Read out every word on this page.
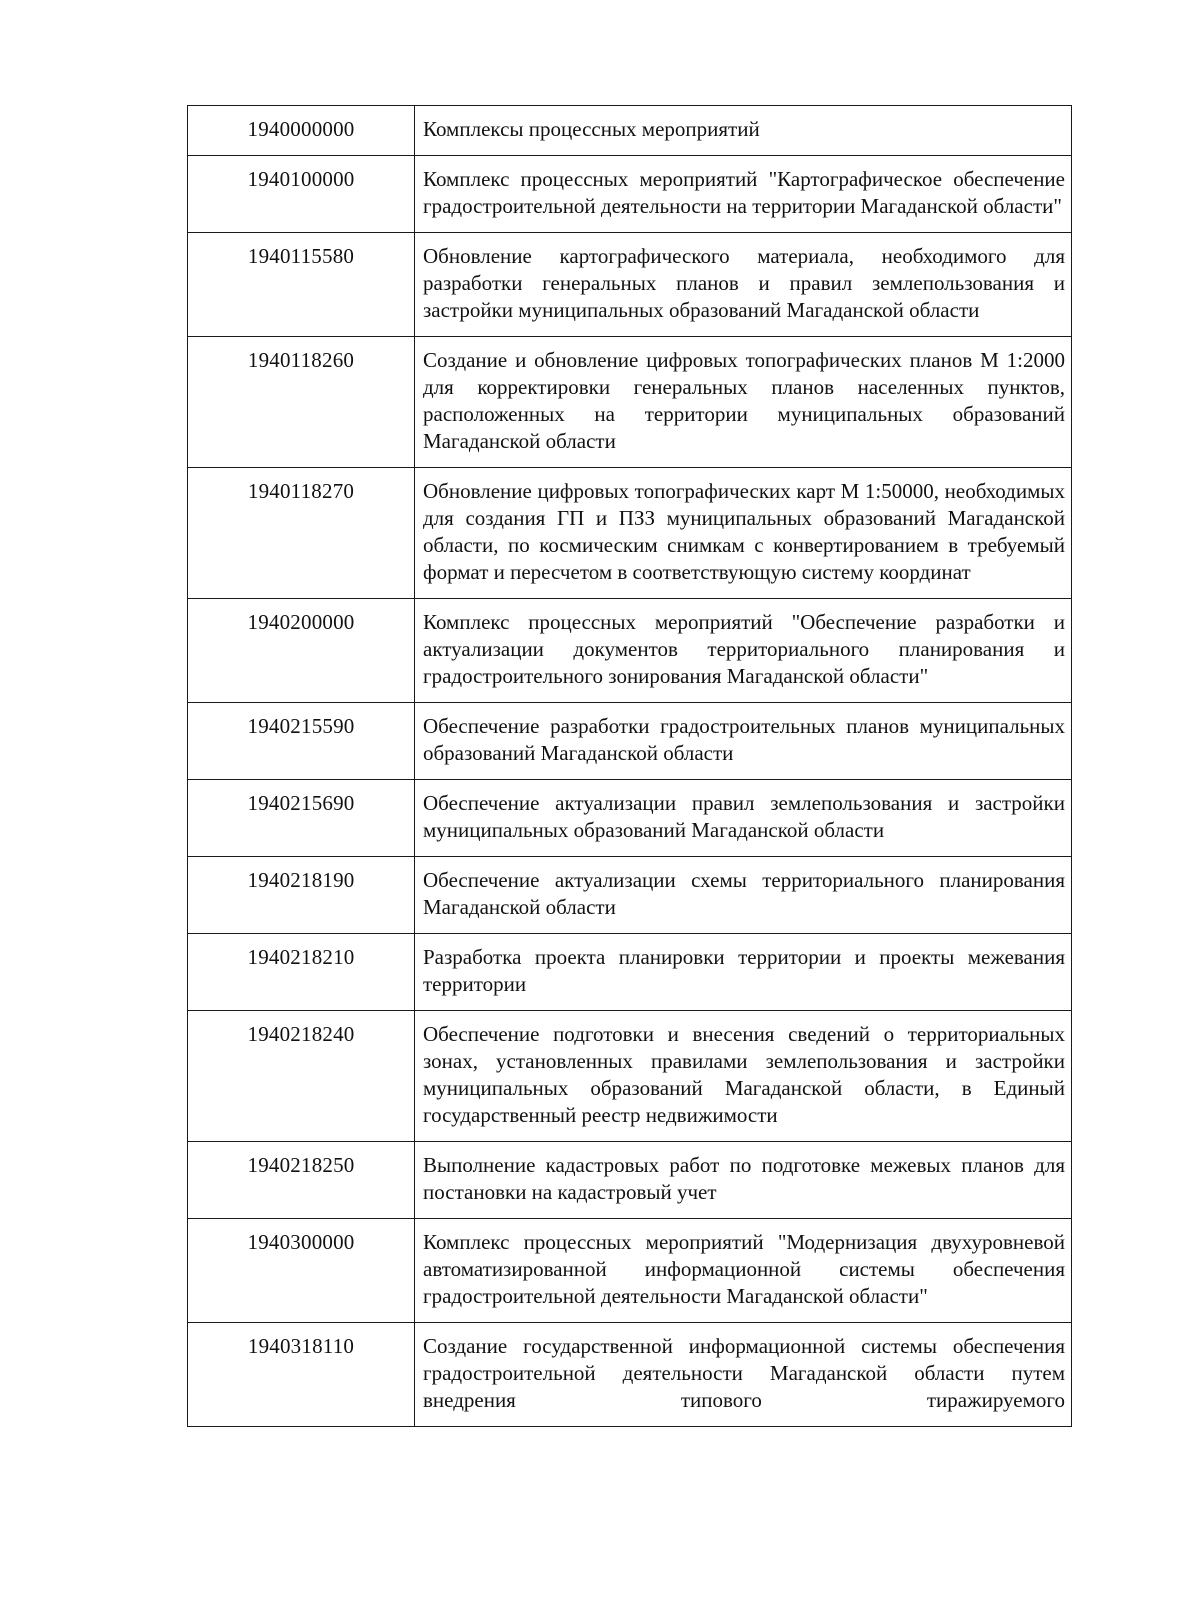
1940000000	Комплексы процессных мероприятий
1940100000	Комплекс процессных мероприятий "Картографическое обеспечение градостроительной деятельности на территории Магаданской области"
1940115580	Обновление картографического материала, необходимого для разработки генеральных планов и правил землепользования и застройки муниципальных образований Магаданской области
1940118260	Создание и обновление цифровых топографических планов М 1:2000 для корректировки генеральных планов населенных пунктов, расположенных на территории муниципальных образований Магаданской области
1940118270	Обновление цифровых топографических карт М 1:50000, необходимых для создания ГП и ПЗЗ муниципальных образований Магаданской области, по космическим снимкам с конвертированием в требуемый формат и пересчетом в соответствующую систему координат
1940200000	Комплекс процессных мероприятий "Обеспечение разработки и актуализации документов территориального планирования и градостроительного зонирования Магаданской области"
1940215590	Обеспечение разработки градостроительных планов муниципальных образований Магаданской области
1940215690	Обеспечение актуализации правил землепользования и застройки муниципальных образований Магаданской области
1940218190	Обеспечение актуализации схемы территориального планирования Магаданской области
1940218210	Разработка проекта планировки территории и проекты межевания территории
1940218240	Обеспечение подготовки и внесения сведений о территориальных зонах, установленных правилами землепользования и застройки муниципальных образований Магаданской области, в Единый государственный реестр недвижимости
1940218250	Выполнение кадастровых работ по подготовке межевых планов для постановки на кадастровый учет
1940300000	Комплекс процессных мероприятий "Модернизация двухуровневой автоматизированной информационной системы обеспечения градостроительной деятельности Магаданской области"
1940318110	Создание государственной информационной системы обеспечения градостроительной деятельности Магаданской области путем внедрения типового тиражируемого
